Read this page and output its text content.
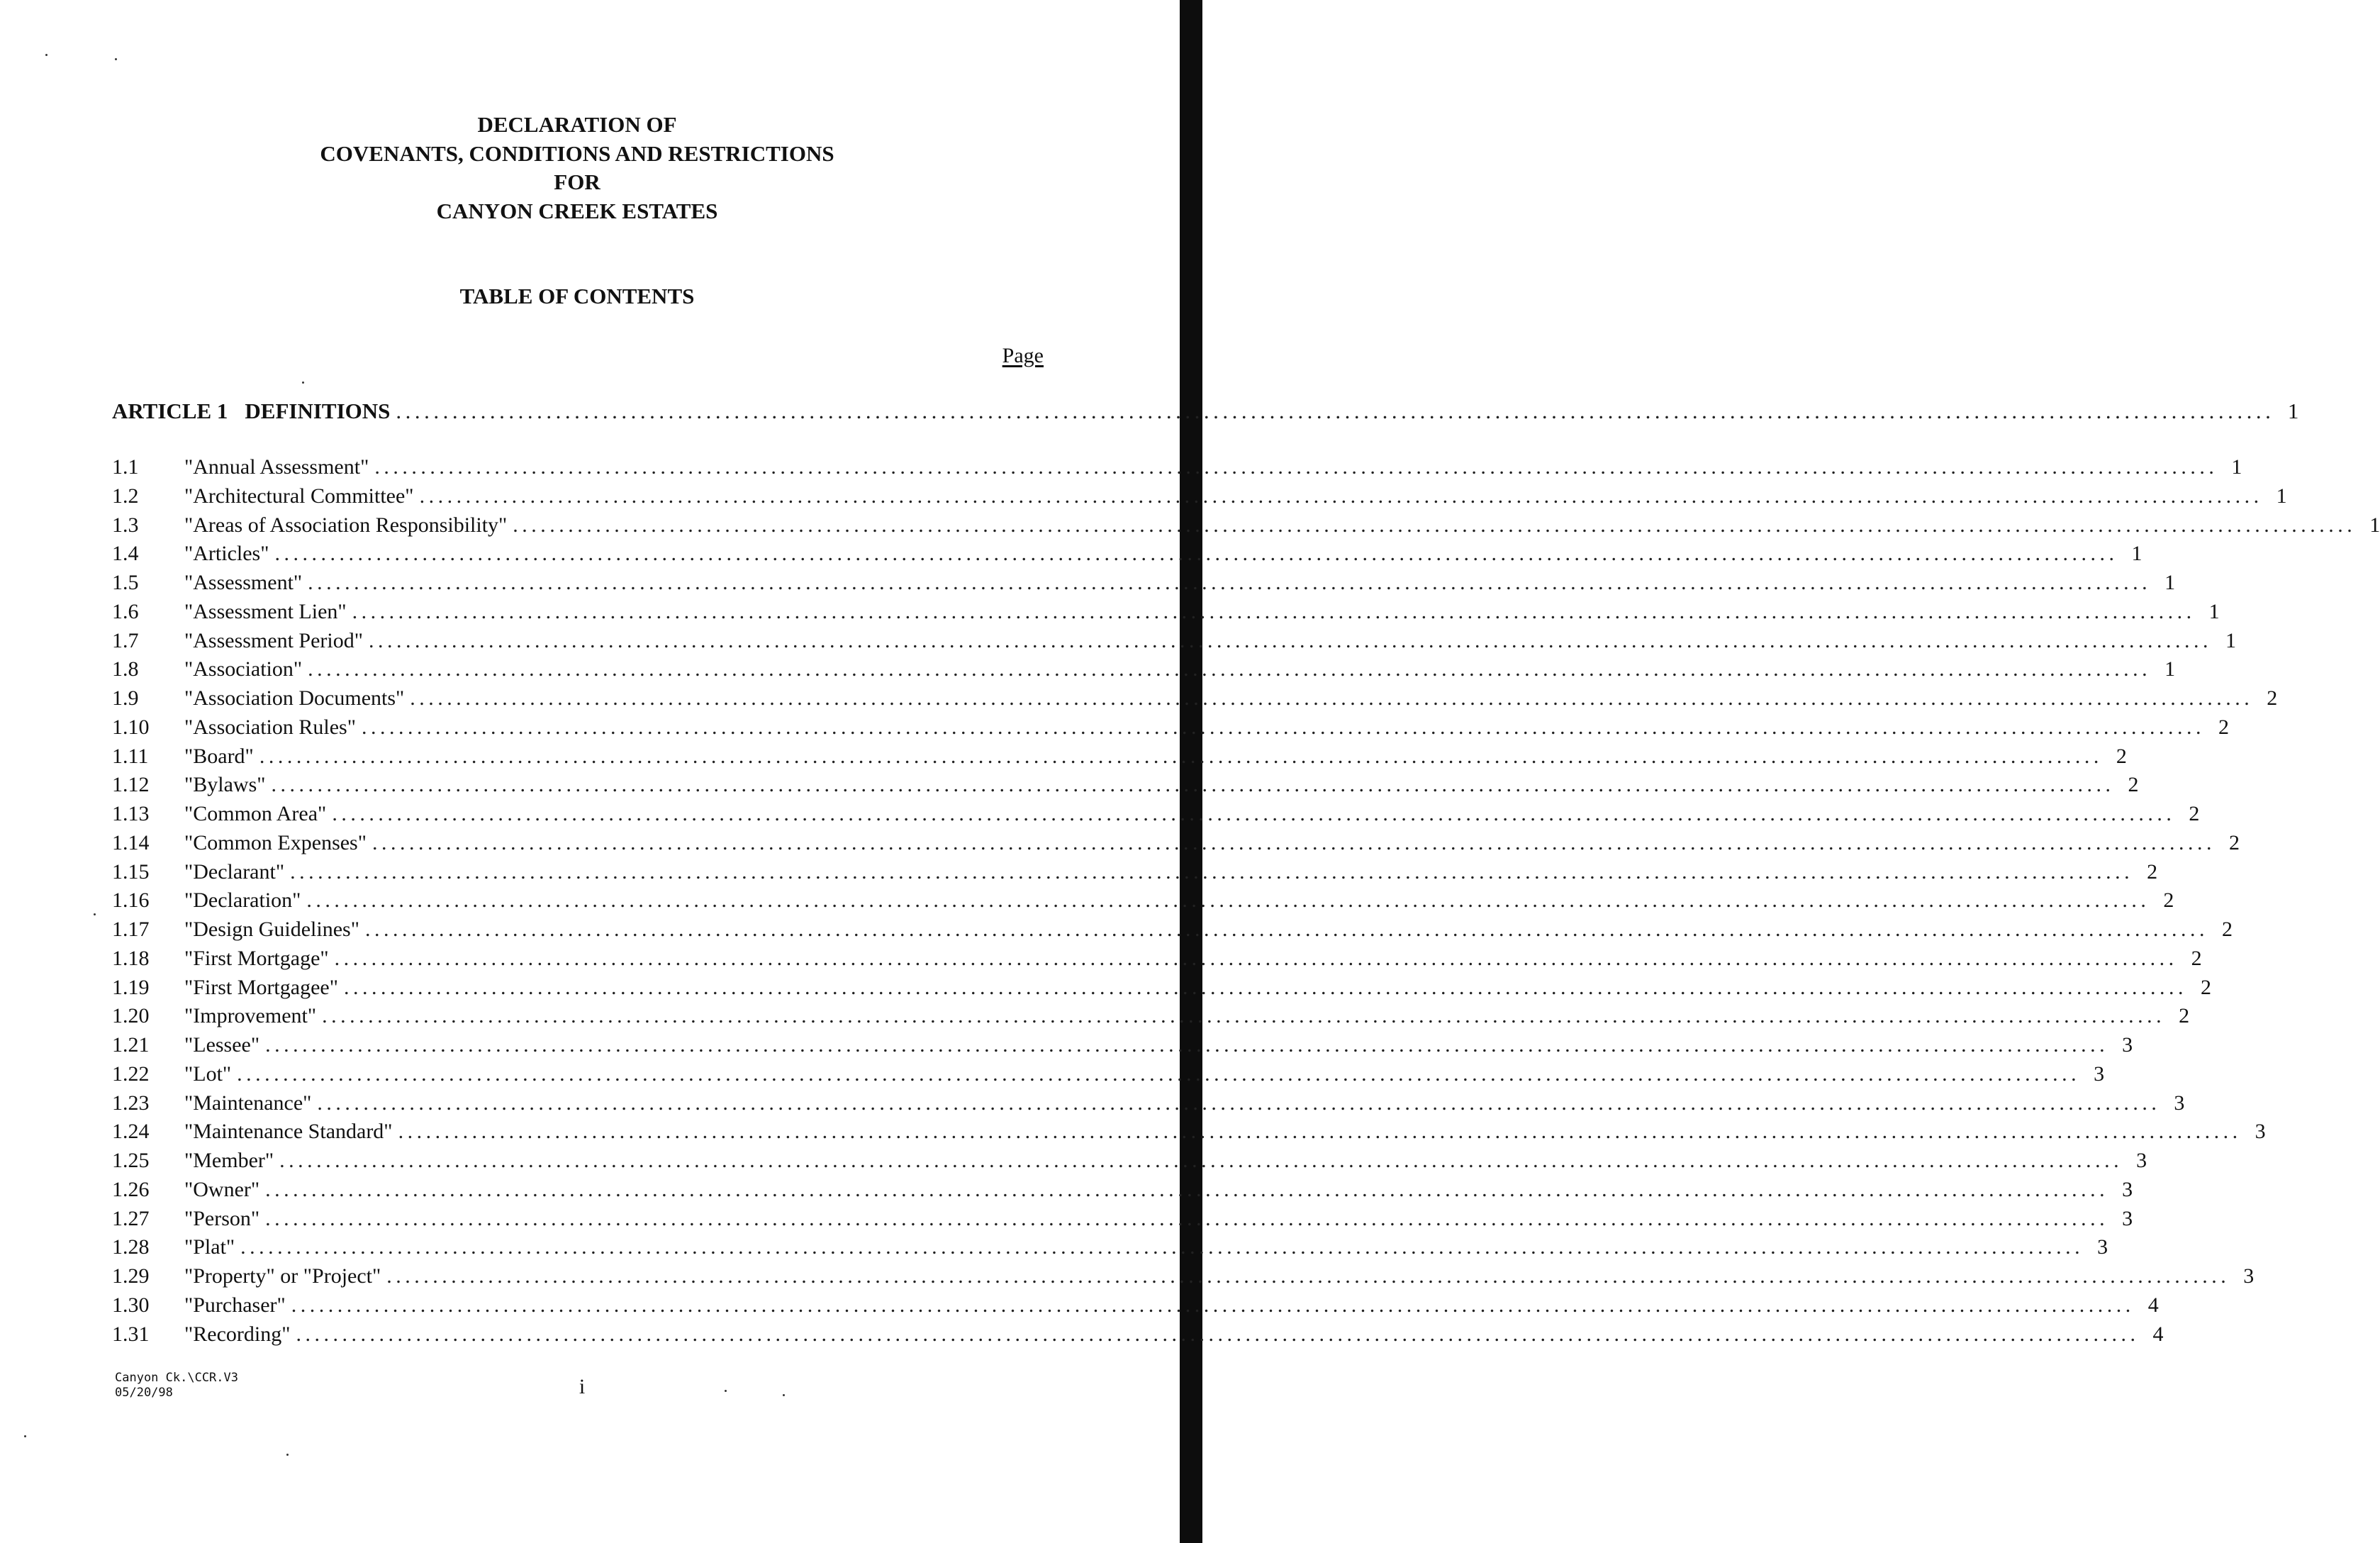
DECLARATION OF
COVENANTS, CONDITIONS AND RESTRICTIONS
FOR
CANYON CREEK ESTATES
TABLE OF CONTENTS
Page
ARTICLE 1 DEFINITIONS ........................................................................................................................................................................................................ 1
1.1	"Annual Assessment" ........................................................................................................................................................................................................ 1
1.2	"Architectural Committee" ........................................................................................................................................................................................................ 1
1.3	"Areas of Association Responsibility" ........................................................................................................................................................................................................ 1
1.4	"Articles" ........................................................................................................................................................................................................ 1
1.5	"Assessment" ........................................................................................................................................................................................................ 1
1.6	"Assessment Lien" ........................................................................................................................................................................................................ 1
1.7	"Assessment Period" ........................................................................................................................................................................................................ 1
1.8	"Association" ........................................................................................................................................................................................................ 1
1.9	"Association Documents" ........................................................................................................................................................................................................ 2
1.10	"Association Rules" ........................................................................................................................................................................................................ 2
1.11	"Board" ........................................................................................................................................................................................................ 2
1.12	"Bylaws" ........................................................................................................................................................................................................ 2
1.13	"Common Area" ........................................................................................................................................................................................................ 2
1.14	"Common Expenses" ........................................................................................................................................................................................................ 2
1.15	"Declarant" ........................................................................................................................................................................................................ 2
1.16	"Declaration" ........................................................................................................................................................................................................ 2
1.17	"Design Guidelines" ........................................................................................................................................................................................................ 2
1.18	"First Mortgage" ........................................................................................................................................................................................................ 2
1.19	"First Mortgagee" ........................................................................................................................................................................................................ 2
1.20	"Improvement" ........................................................................................................................................................................................................ 2
1.21	"Lessee" ........................................................................................................................................................................................................ 3
1.22	"Lot" ........................................................................................................................................................................................................ 3
1.23	"Maintenance" ........................................................................................................................................................................................................ 3
1.24	"Maintenance Standard" ........................................................................................................................................................................................................ 3
1.25	"Member" ........................................................................................................................................................................................................ 3
1.26	"Owner" ........................................................................................................................................................................................................ 3
1.27	"Person" ........................................................................................................................................................................................................ 3
1.28	"Plat" ........................................................................................................................................................................................................ 3
1.29	"Property" or "Project" ........................................................................................................................................................................................................ 3
1.30	"Purchaser" ........................................................................................................................................................................................................ 4
1.31	"Recording" ........................................................................................................................................................................................................ 4
Canyon Ck.\CCR.V3
05/20/98	i
